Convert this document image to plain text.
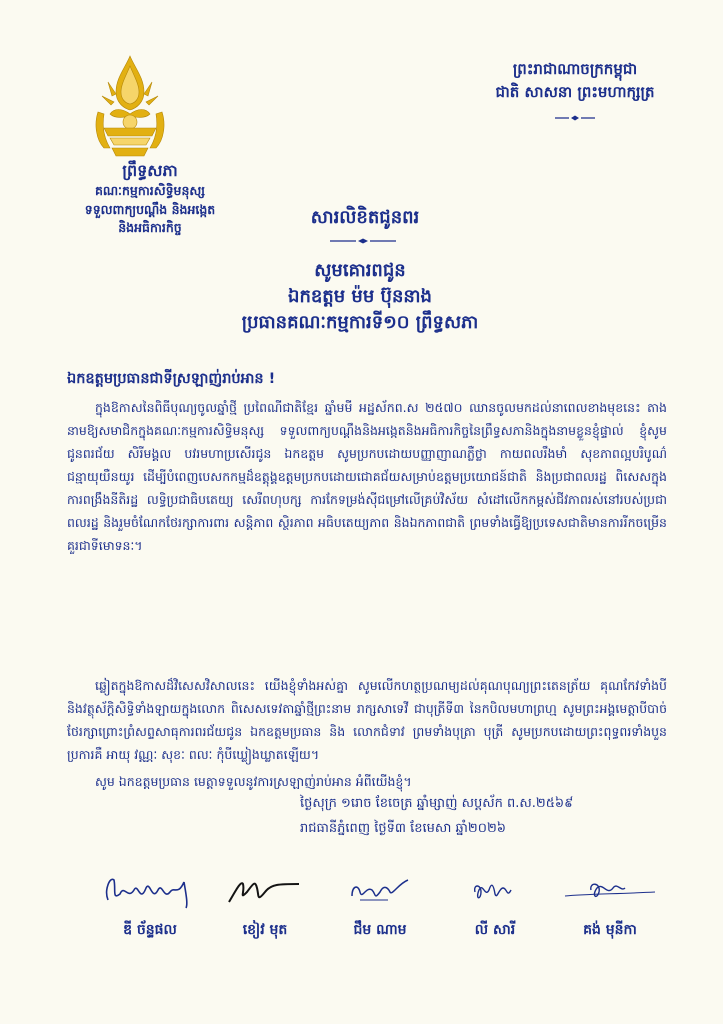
ព្រះរាជាណាចក្រកម្ពុជា
ជាតិ សាសនា ព្រះមហាក្សត្រ
ព្រឹទ្ធសភា
គណៈកម្មការសិទ្ធិមនុស្ស
ទទួលពាក្យបណ្ដឹង និងអង្កេត
និងអធិការកិច្ច	សារលិខិតជូនពរ
សូមគោរពជូន
ឯកឧត្ដម ម៉ម ប៊ុននាង
ប្រធានគណៈកម្មការទី១០ ព្រឹទ្ធសភា
ឯកឧត្ដមប្រធានជាទីស្រឡាញ់រាប់អាន !
ក្នុងឱកាសនៃពិធីបុណ្យចូលឆ្នាំថ្មី ប្រពៃណីជាតិខ្មែរ ឆ្នាំមមី អដ្ឋស័កព.ស ២៥៧០ ឈានចូលមកដល់នាពេលខាងមុខនេះ តាងនាមឱ្យសមាជិកក្នុងគណៈកម្មការសិទ្ធិមនុស្ស ទទួលពាក្យបណ្ដឹងនិងអង្កេតនិងអធិការកិច្ចនៃព្រឹទ្ធសភានិងក្នុងនាមខ្លួនខ្ញុំផ្ទាល់ ខ្ញុំសូមជូនពរជ័យ សិរីមង្គល បវរមហាប្រសើរជូន ឯកឧត្ដម សូមប្រកបដោយបញ្ញាញាណភ្លឺថ្លា កាយពលរឹងមាំ សុខភាពល្អបរិបូណ៌ ជន្មាយុយឺនយូរ ដើម្បីបំពេញបេសកកម្មដ៏ឧត្ដុង្គឧត្ដមប្រកបដោយជោគជ័យសម្រាប់ឧត្ដមប្រយោជន៍ជាតិ និងប្រជាពលរដ្ឋ ពិសេសក្នុងការពង្រឹងនីតិរដ្ឋ លទ្ធិប្រជាធិបតេយ្យ សេរីពហុបក្ស ការកែទម្រង់ស៊ីជម្រៅលើគ្រប់វិស័យ សំដៅលើកកម្ពស់ជីវភាពរស់នៅរបស់ប្រជាពលរដ្ឋ និងរួមចំណែកថែរក្សាការពារ សន្តិភាព ស្ថិរភាព អធិបតេយ្យភាព និងឯកភាពជាតិ ព្រមទាំងធ្វើឱ្យប្រទេសជាតិមានការរីកចម្រើនគួរជាទីមោទនៈ។
ឆ្លៀតក្នុងឱកាសដ៏វិសេសវិសាលនេះ យើងខ្ញុំទាំងអស់គ្នា សូមលើកហត្ថប្រណម្យដល់គុណបុណ្យព្រះតេនត្រ័យ គុណកែវទាំងបី និងវត្ថុស័ក្ដិសិទ្ធិទាំងឡាយក្នុងលោក ពិសេសទេវតាឆ្នាំថ្មីព្រះនាម រាក្សសាទេវី ជាបុត្រីទី៣ នៃកបិលមហាព្រហ្ម សូមព្រះអង្គមេត្តាបីបាច់ថែរក្សាព្រោះព្រំសព្ទសាធុការពរជ័យជូន ឯកឧត្ដមប្រធាន និង លោកជំទាវ ព្រមទាំងបុត្រា បុត្រី សូមប្រកបដោយព្រះពុទ្ធពរទាំងបួនប្រការគឺ អាយុ វណ្ណៈ សុខៈ ពលៈ កុំបីឃ្លៀងឃ្លាតឡើយ។
សូម ឯកឧត្ដមប្រធាន មេត្តាទទួលនូវការស្រឡាញ់រាប់អាន អំពីយើងខ្ញុំ។
ថ្ងៃសុក្រ ១រោច ខែចេត្រ ឆ្នាំម្សាញ់ សប្តស័ក ព.ស.២៥៦៩
រាជធានីភ្នំពេញ ថ្ងៃទី៣ ខែមេសា ឆ្នាំ២០២៦
ឌី ច័ន្ទផល	ខៀវ មុត	ជឹម ណាម	លី សារី	គង់ មុនីកា
